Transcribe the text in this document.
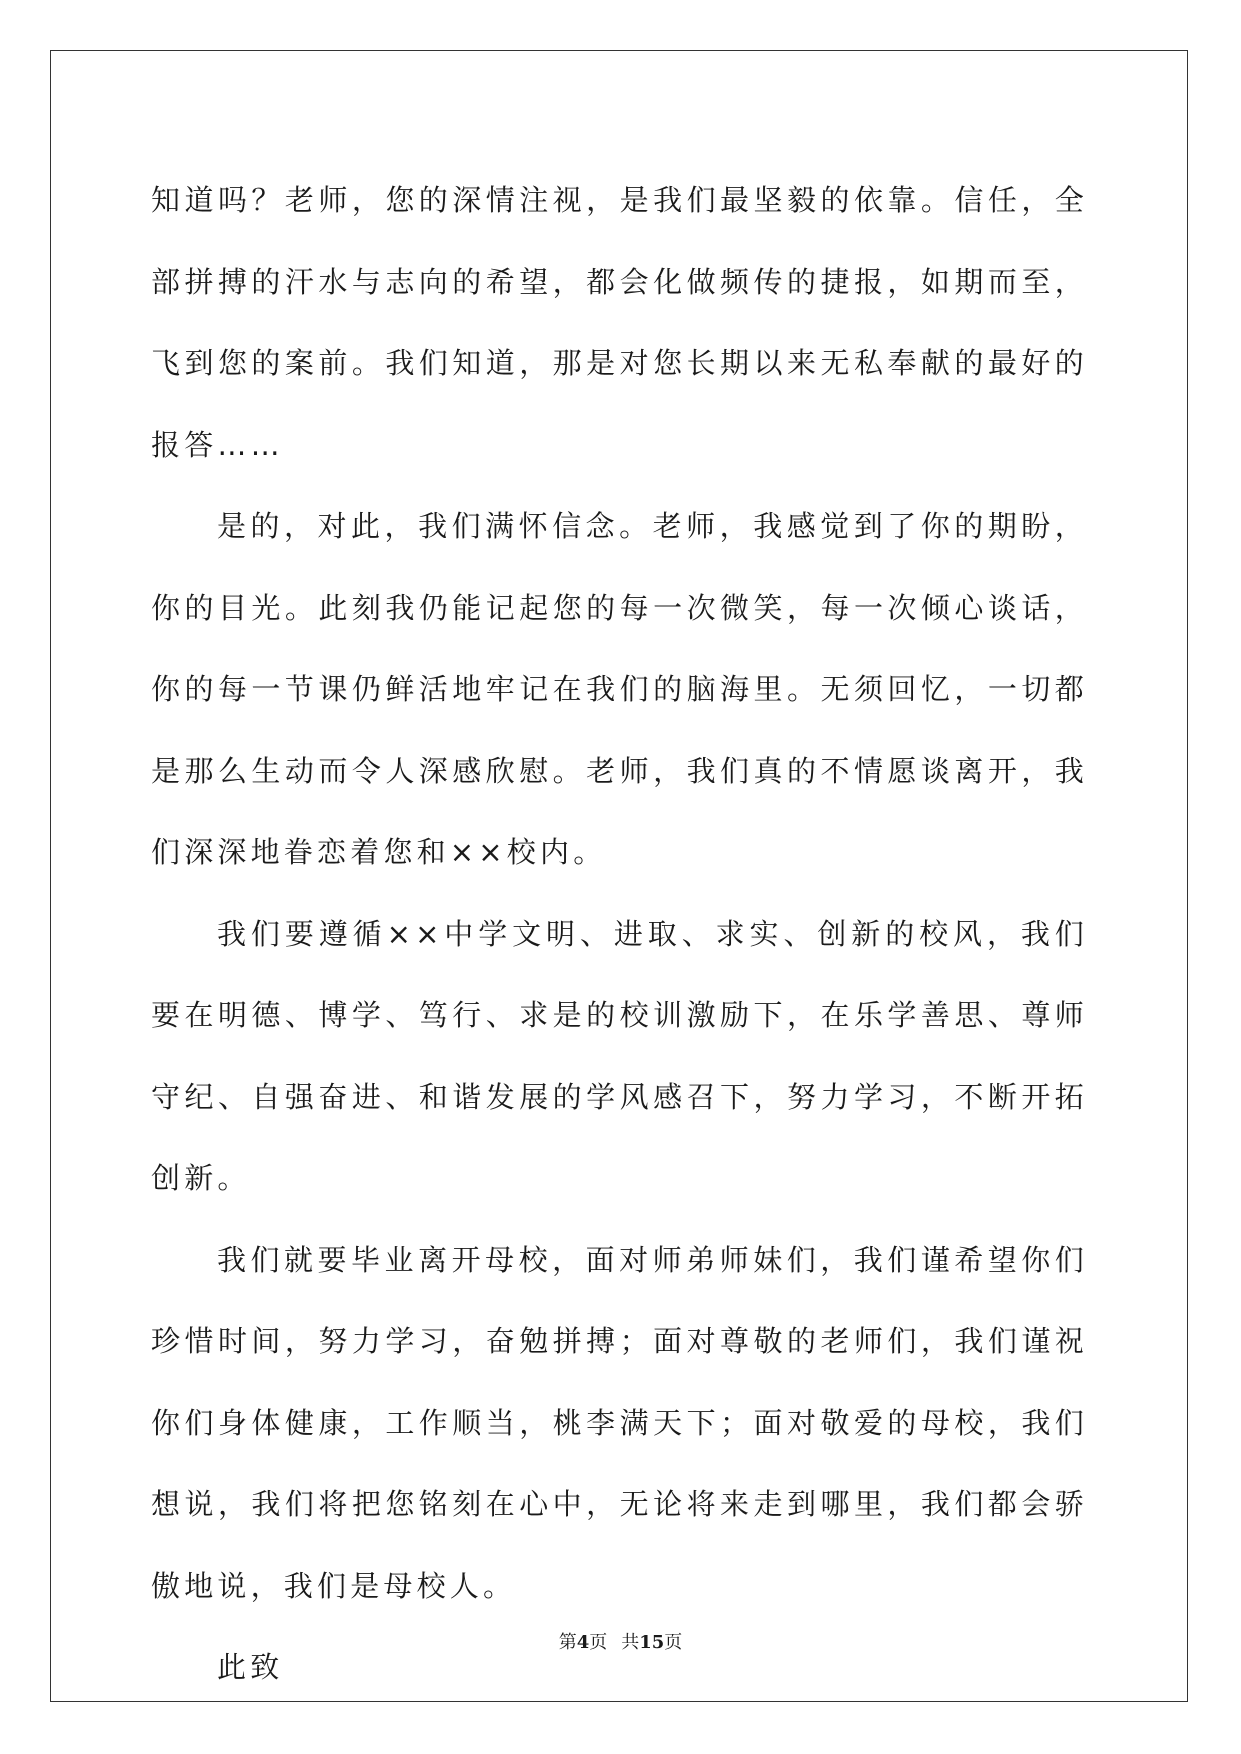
知道吗？老师，您的深情注视，是我们最坚毅的依靠。信任，全部拼搏的汗水与志向的希望，都会化做频传的捷报，如期而至，飞到您的案前。我们知道，那是对您长期以来无私奉献的最好的报答……

是的，对此，我们满怀信念。老师，我感觉到了你的期盼，你的目光。此刻我仍能记起您的每一次微笑，每一次倾心谈话，你的每一节课仍鲜活地牢记在我们的脑海里。无须回忆，一切都是那么生动而令人深感欣慰。老师，我们真的不情愿谈离开，我们深深地眷恋着您和××校内。

我们要遵循××中学文明、进取、求实、创新的校风，我们要在明德、博学、笃行、求是的校训激励下，在乐学善思、尊师守纪、自强奋进、和谐发展的学风感召下，努力学习，不断开拓创新。

我们就要毕业离开母校，面对师弟师妹们，我们谨希望你们珍惜时间，努力学习，奋勉拼搏；面对尊敬的老师们，我们谨祝你们身体健康，工作顺当，桃李满天下；面对敬爱的母校，我们想说，我们将把您铭刻在心中，无论将来走到哪里，我们都会骄傲地说，我们是母校人。

此致

第4页 共15页
